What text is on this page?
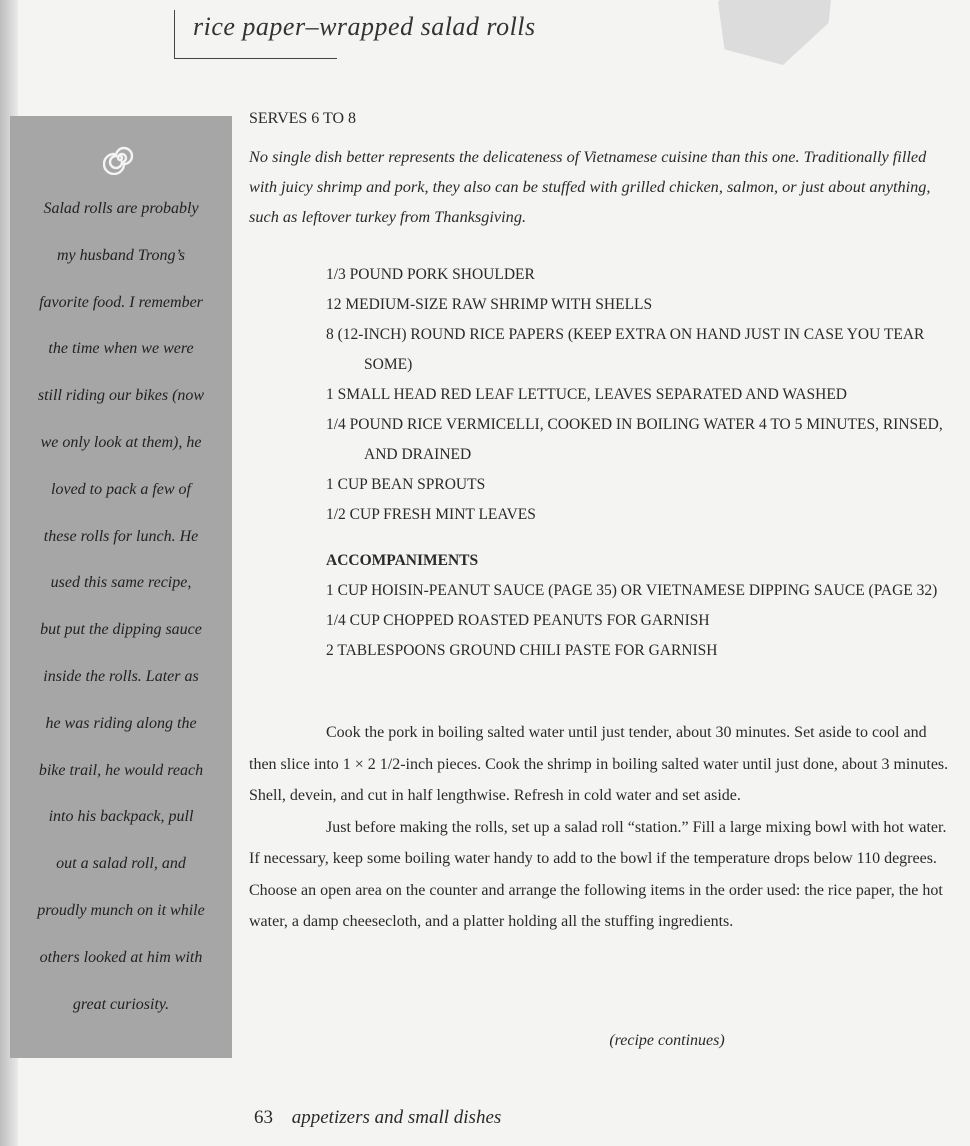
rice paper–wrapped salad rolls
Salad rolls are probably
my husband Trong’s
favorite food. I remember
the time when we were
still riding our bikes (now
we only look at them), he
loved to pack a few of
these rolls for lunch. He
used this same recipe,
but put the dipping sauce
inside the rolls. Later as
he was riding along the
bike trail, he would reach
into his backpack, pull
out a salad roll, and
proudly munch on it while
others looked at him with
great curiosity.

SERVES 6 TO 8

No single dish better represents the delicateness of Vietnamese cuisine than this one. Traditionally filled with juicy shrimp and pork, they also can be stuffed with grilled chicken, salmon, or just about anything, such as leftover turkey from Thanksgiving.

1/3 POUND PORK SHOULDER
12 MEDIUM-SIZE RAW SHRIMP WITH SHELLS
8 (12-INCH) ROUND RICE PAPERS (KEEP EXTRA ON HAND JUST IN CASE YOU TEAR SOME)
1 SMALL HEAD RED LEAF LETTUCE, LEAVES SEPARATED AND WASHED
1/4 POUND RICE VERMICELLI, COOKED IN BOILING WATER 4 TO 5 MINUTES, RINSED, AND DRAINED
1 CUP BEAN SPROUTS
1/2 CUP FRESH MINT LEAVES
ACCOMPANIMENTS
1 CUP HOISIN-PEANUT SAUCE (PAGE 35) OR VIETNAMESE DIPPING SAUCE (PAGE 32)
1/4 CUP CHOPPED ROASTED PEANUTS FOR GARNISH
2 TABLESPOONS GROUND CHILI PASTE FOR GARNISH

Cook the pork in boiling salted water until just tender, about 30 minutes. Set aside to cool and then slice into 1 × 2 1/2-inch pieces. Cook the shrimp in boiling salted water until just done, about 3 minutes. Shell, devein, and cut in half lengthwise. Refresh in cold water and set aside.

Just before making the rolls, set up a salad roll “station.” Fill a large mixing bowl with hot water. If necessary, keep some boiling water handy to add to the bowl if the temperature drops below 110 degrees. Choose an open area on the counter and arrange the following items in the order used: the rice paper, the hot water, a damp cheesecloth, and a platter holding all the stuffing ingredients.

(recipe continues)

63 appetizers and small dishes
